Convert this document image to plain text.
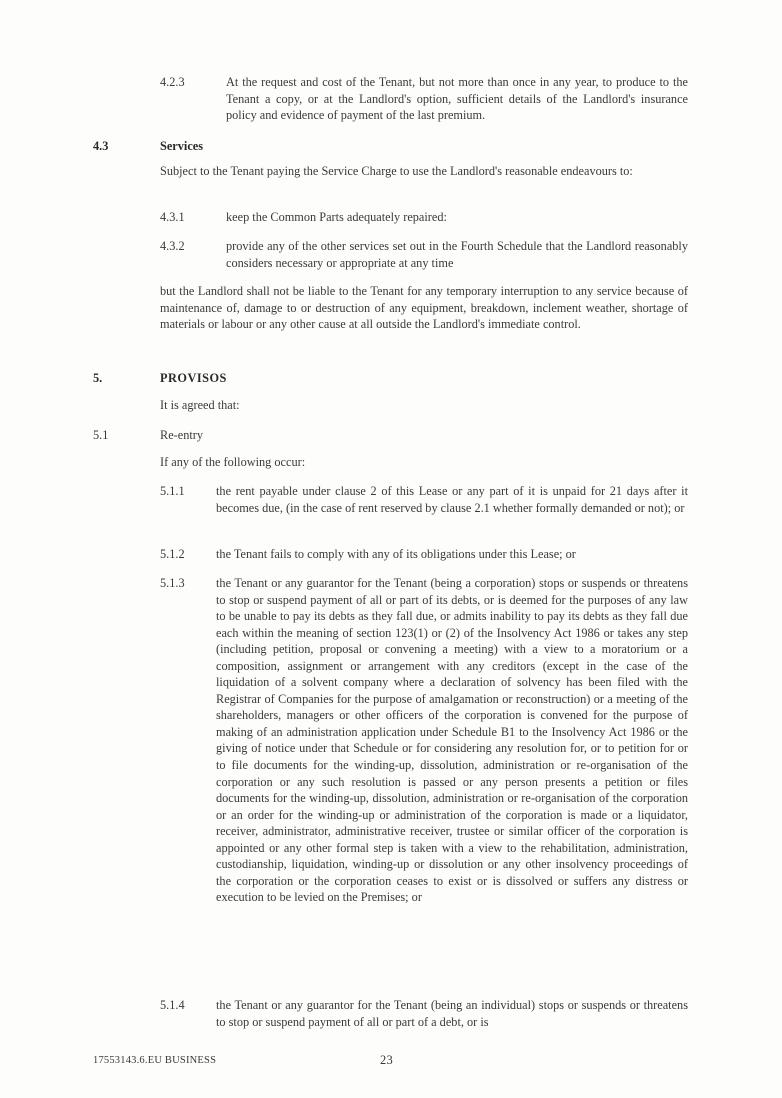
4.2.3	At the request and cost of the Tenant, but not more than once in any year, to produce to the Tenant a copy, or at the Landlord's option, sufficient details of the Landlord's insurance policy and evidence of payment of the last premium.
4.3	Services
Subject to the Tenant paying the Service Charge to use the Landlord's reasonable endeavours to:
4.3.1	keep the Common Parts adequately repaired:
4.3.2	provide any of the other services set out in the Fourth Schedule that the Landlord reasonably considers necessary or appropriate at any time
but the Landlord shall not be liable to the Tenant for any temporary interruption to any service because of maintenance of, damage to or destruction of any equipment, breakdown, inclement weather, shortage of materials or labour or any other cause at all outside the Landlord's immediate control.
5.	PROVISOS
It is agreed that:
5.1	Re-entry
If any of the following occur:
5.1.1	the rent payable under clause 2 of this Lease or any part of it is unpaid for 21 days after it becomes due, (in the case of rent reserved by clause 2.1 whether formally demanded or not); or
5.1.2	the Tenant fails to comply with any of its obligations under this Lease; or
5.1.3	the Tenant or any guarantor for the Tenant (being a corporation) stops or suspends or threatens to stop or suspend payment of all or part of its debts, or is deemed for the purposes of any law to be unable to pay its debts as they fall due, or admits inability to pay its debts as they fall due each within the meaning of section 123(1) or (2) of the Insolvency Act 1986 or takes any step (including petition, proposal or convening a meeting) with a view to a moratorium or a composition, assignment or arrangement with any creditors (except in the case of the liquidation of a solvent company where a declaration of solvency has been filed with the Registrar of Companies for the purpose of amalgamation or reconstruction) or a meeting of the shareholders, managers or other officers of the corporation is convened for the purpose of making of an administration application under Schedule B1 to the Insolvency Act 1986 or the giving of notice under that Schedule or for considering any resolution for, or to petition for or to file documents for the winding-up, dissolution, administration or re-organisation of the corporation or any such resolution is passed or any person presents a petition or files documents for the winding-up, dissolution, administration or re-organisation of the corporation or an order for the winding-up or administration of the corporation is made or a liquidator, receiver, administrator, administrative receiver, trustee or similar officer of the corporation is appointed or any other formal step is taken with a view to the rehabilitation, administration, custodianship, liquidation, winding-up or dissolution or any other insolvency proceedings of the corporation or the corporation ceases to exist or is dissolved or suffers any distress or execution to be levied on the Premises; or
5.1.4	the Tenant or any guarantor for the Tenant (being an individual) stops or suspends or threatens to stop or suspend payment of all or part of a debt, or is
17553143.6.EU BUSINESS	23
